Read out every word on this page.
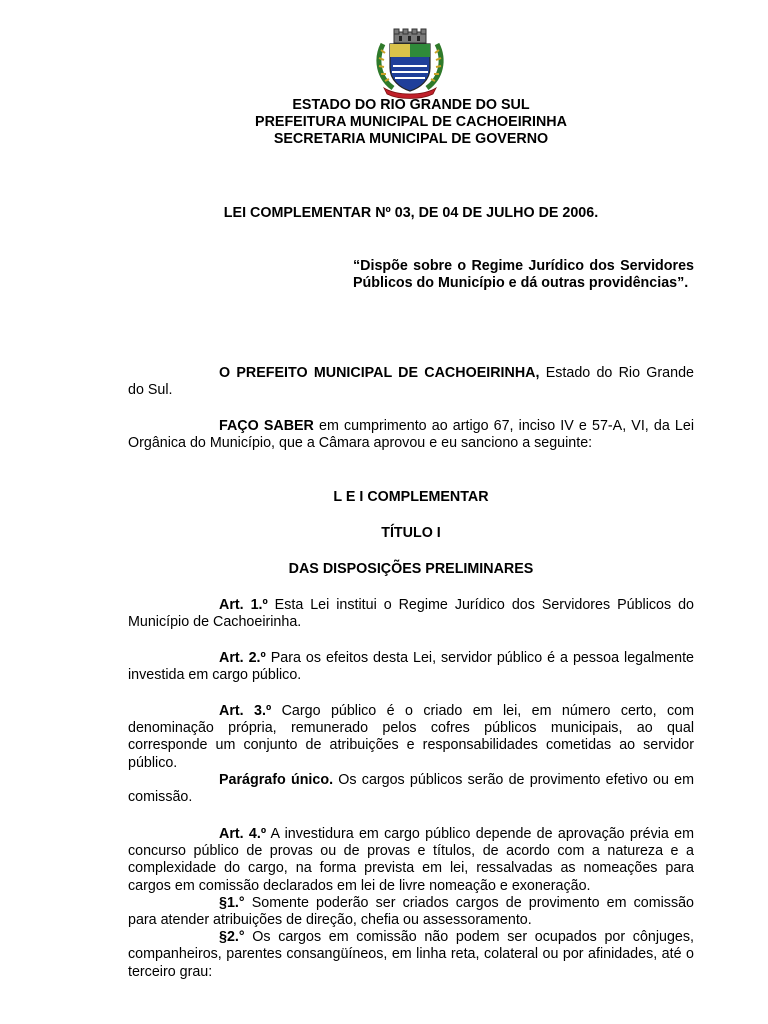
ESTADO DO RIO GRANDE DO SUL
PREFEITURA MUNICIPAL DE CACHOEIRINHA
SECRETARIA MUNICIPAL DE GOVERNO
LEI COMPLEMENTAR Nº 03, DE 04 DE JULHO DE 2006.
“Dispõe sobre o Regime Jurídico dos Servidores Públicos do Município e dá outras providências”.

O PREFEITO MUNICIPAL DE CACHOEIRINHA, Estado do Rio Grande do Sul.

FAÇO SABER em cumprimento ao artigo 67, inciso IV e 57-A, VI, da Lei Orgânica do Município, que a Câmara aprovou e eu sanciono a seguinte:

L E I COMPLEMENTAR
TÍTULO I
DAS DISPOSIÇÕES PRELIMINARES

Art. 1.º Esta Lei institui o Regime Jurídico dos Servidores Públicos do Município de Cachoeirinha.

Art. 2.º Para os efeitos desta Lei, servidor público é a pessoa legalmente investida em cargo público.

Art. 3.º Cargo público é o criado em lei, em número certo, com denominação própria, remunerado pelos cofres públicos municipais, ao qual corresponde um conjunto de atribuições e responsabilidades cometidas ao servidor público.

Parágrafo único. Os cargos públicos serão de provimento efetivo ou em comissão.

Art. 4.º A investidura em cargo público depende de aprovação prévia em concurso público de provas ou de provas e títulos, de acordo com a natureza e a complexidade do cargo, na forma prevista em lei, ressalvadas as nomeações para cargos em comissão declarados em lei de livre nomeação e exoneração.

§1.° Somente poderão ser criados cargos de provimento em comissão para atender atribuições de direção, chefia ou assessoramento.

§2.° Os cargos em comissão não podem ser ocupados por cônjuges, companheiros, parentes consangüíneos, em linha reta, colateral ou por afinidades, até o terceiro grau:
